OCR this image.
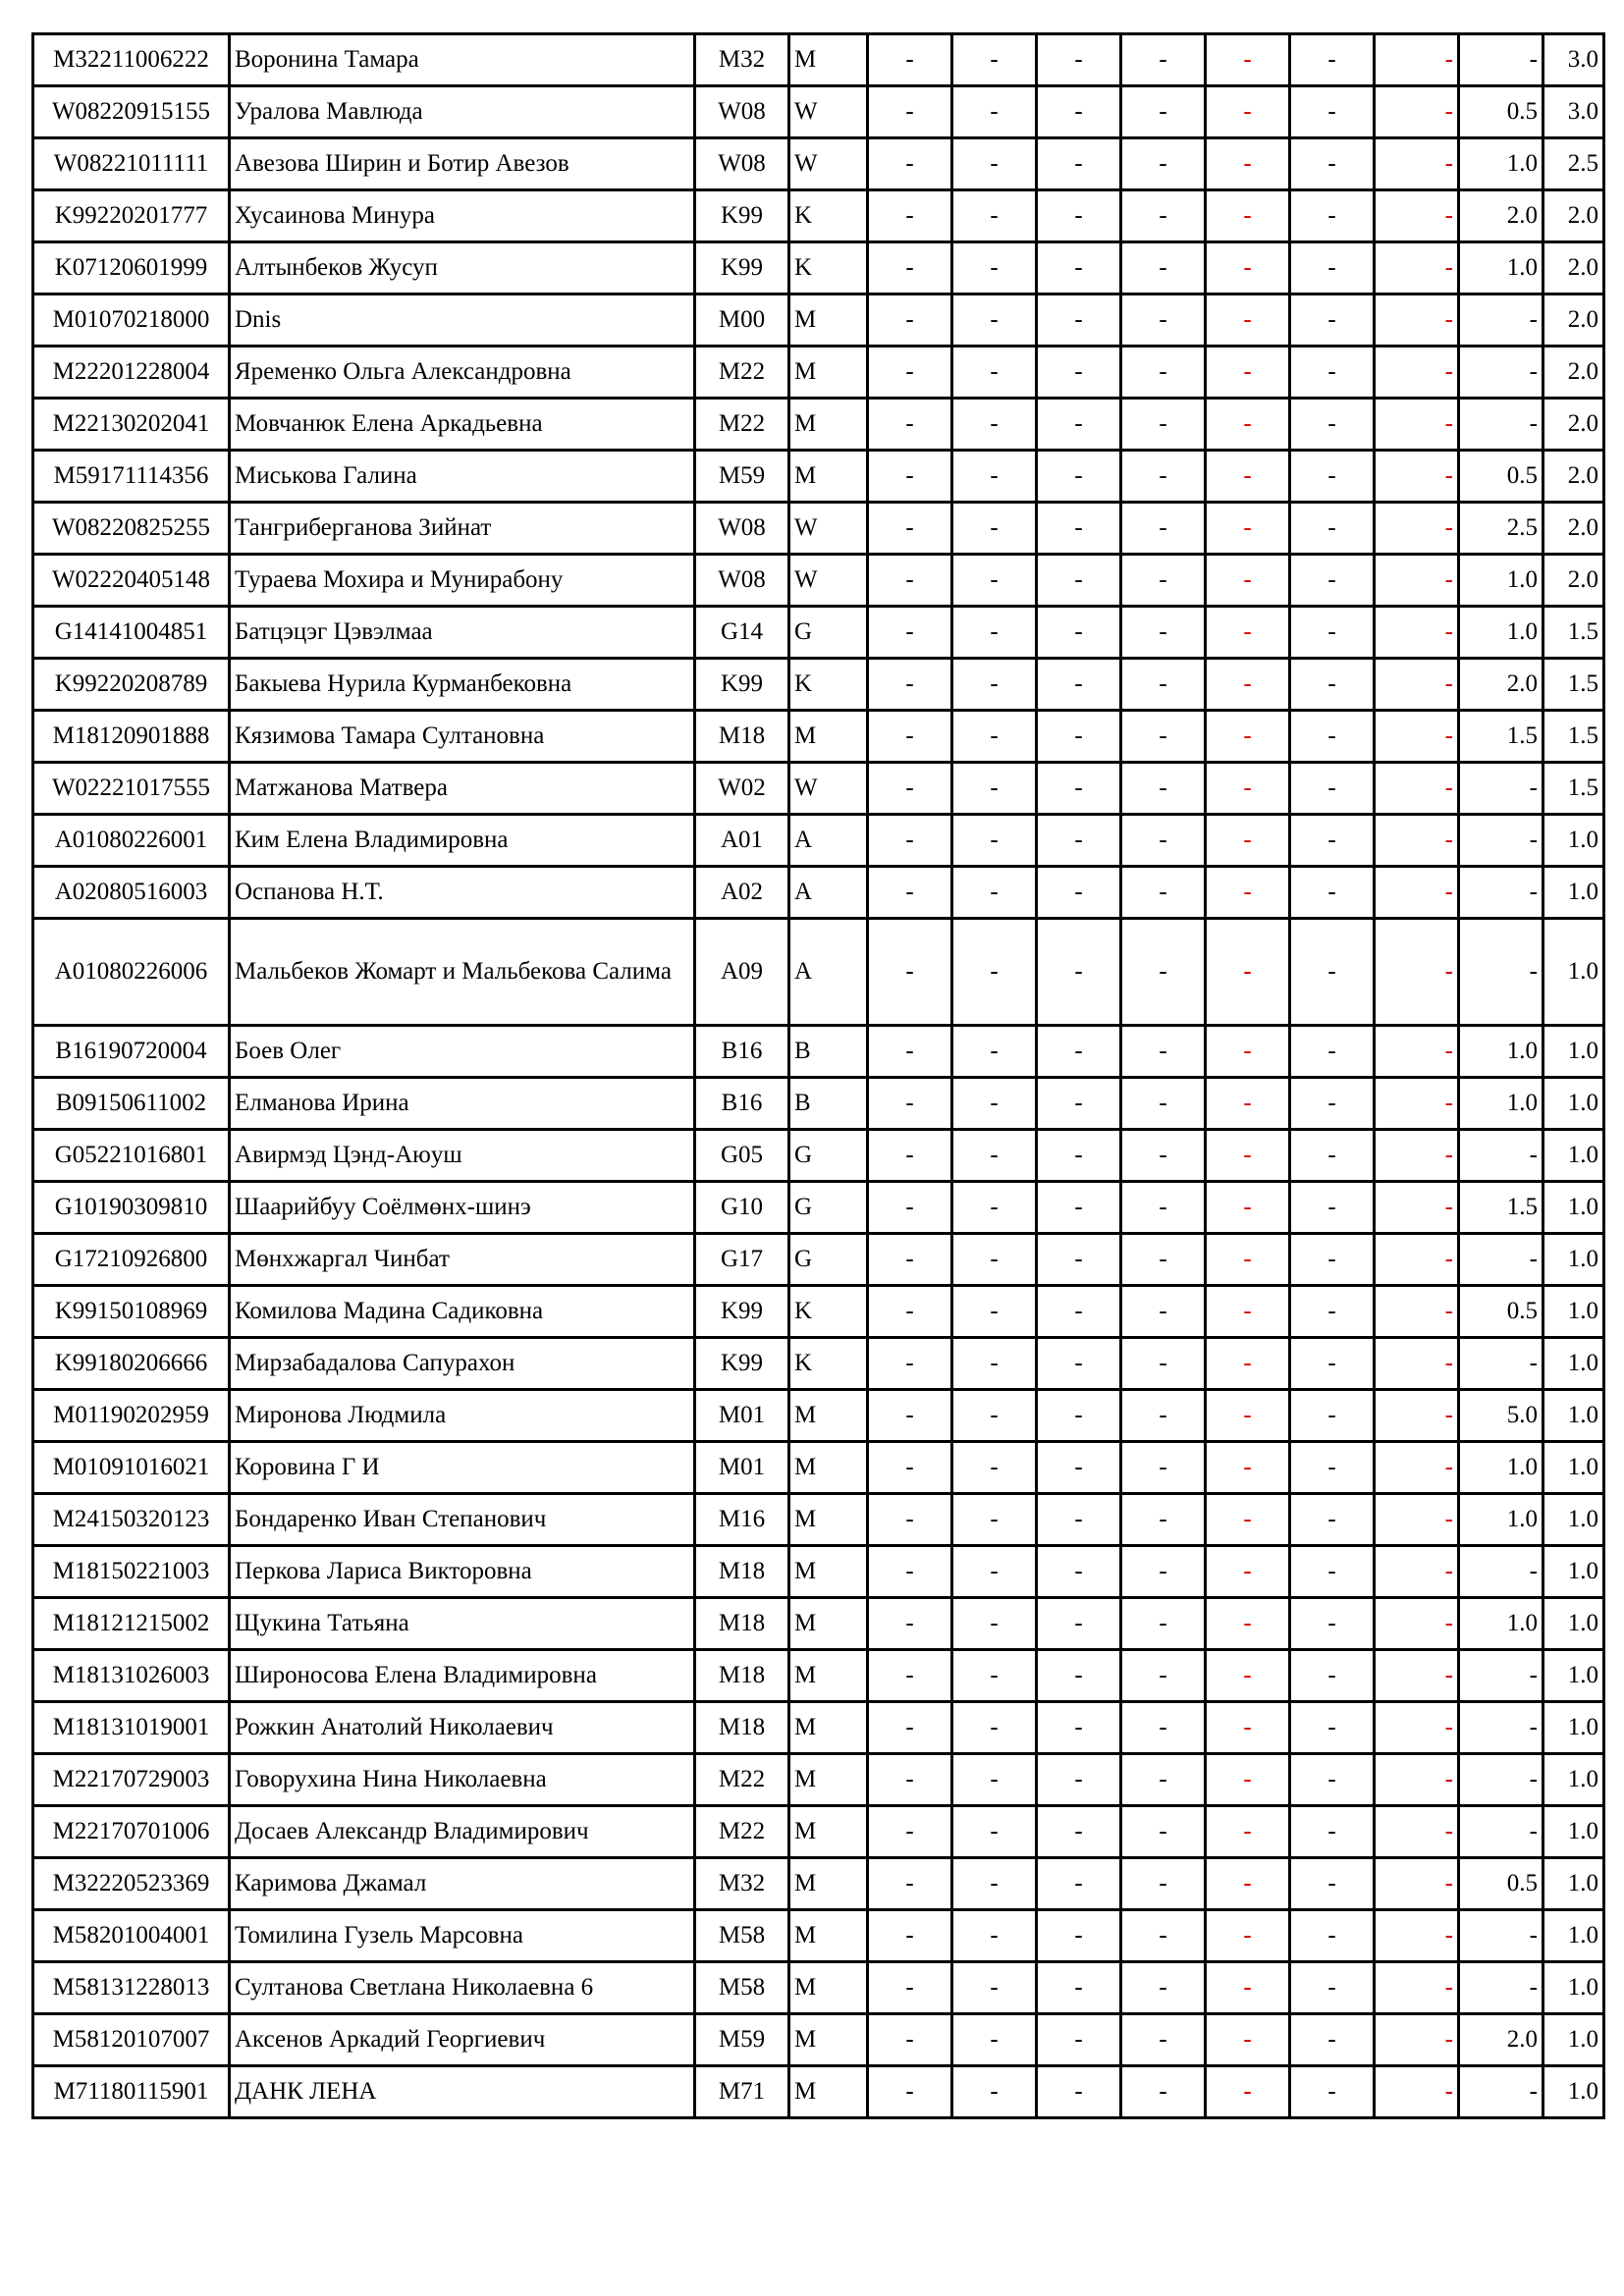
M32211006222	Воронина Тамара	M32	M	-	-	-	-	-	-	-	-	3.0
W08220915155	Уралова Мавлюда	W08	W	-	-	-	-	-	-	-	0.5	3.0
W08221011111	Авезова Ширин и Ботир Авезов	W08	W	-	-	-	-	-	-	-	1.0	2.5
K99220201777	Хусаинова Минура	K99	K	-	-	-	-	-	-	-	2.0	2.0
K07120601999	Алтынбеков Жусуп	K99	K	-	-	-	-	-	-	-	1.0	2.0
M01070218000	Dnis	M00	M	-	-	-	-	-	-	-	-	2.0
M22201228004	Яременко Ольга Александровна	M22	M	-	-	-	-	-	-	-	-	2.0
M22130202041	Мовчанюк Елена Аркадьевна	M22	M	-	-	-	-	-	-	-	-	2.0
M59171114356	Миськова Галина	M59	M	-	-	-	-	-	-	-	0.5	2.0
W08220825255	Тангриберганова Зийнат	W08	W	-	-	-	-	-	-	-	2.5	2.0
W02220405148	Тураева Мохира и Мунирабону	W08	W	-	-	-	-	-	-	-	1.0	2.0
G14141004851	Батцэцэг Цэвэлмаа	G14	G	-	-	-	-	-	-	-	1.0	1.5
K99220208789	Бакыева Нурила Курманбековна	K99	K	-	-	-	-	-	-	-	2.0	1.5
M18120901888	Кязимова Тамара Султановна	M18	M	-	-	-	-	-	-	-	1.5	1.5
W02221017555	Матжанова Матвера	W02	W	-	-	-	-	-	-	-	-	1.5
A01080226001	Ким Елена Владимировна	A01	A	-	-	-	-	-	-	-	-	1.0
A02080516003	Оспанова Н.Т.	A02	A	-	-	-	-	-	-	-	-	1.0
A01080226006	Мальбеков Жомарт и Мальбекова Салима	A09	A	-	-	-	-	-	-	-	-	1.0
B16190720004	Боев Олег	B16	B	-	-	-	-	-	-	-	1.0	1.0
B09150611002	Елманова Ирина	B16	B	-	-	-	-	-	-	-	1.0	1.0
G05221016801	Авирмэд Цэнд-Аюуш	G05	G	-	-	-	-	-	-	-	-	1.0
G10190309810	Шаарийбуу Соёлмөнх-шинэ	G10	G	-	-	-	-	-	-	-	1.5	1.0
G17210926800	Мөнхжаргал Чинбат	G17	G	-	-	-	-	-	-	-	-	1.0
K99150108969	Комилова Мадина Садиковна	K99	K	-	-	-	-	-	-	-	0.5	1.0
K99180206666	Мирзабадалова Сапурахон	K99	K	-	-	-	-	-	-	-	-	1.0
M01190202959	Миронова Людмила	M01	M	-	-	-	-	-	-	-	5.0	1.0
M01091016021	Коровина Г И	M01	M	-	-	-	-	-	-	-	1.0	1.0
M24150320123	Бондаренко Иван Степанович	M16	M	-	-	-	-	-	-	-	1.0	1.0
M18150221003	Перкова Лариса Викторовна	M18	M	-	-	-	-	-	-	-	-	1.0
M18121215002	Щукина Татьяна	M18	M	-	-	-	-	-	-	-	1.0	1.0
M18131026003	Широносова Елена Владимировна	M18	M	-	-	-	-	-	-	-	-	1.0
M18131019001	Рожкин Анатолий Николаевич	M18	M	-	-	-	-	-	-	-	-	1.0
M22170729003	Говорухина Нина Николаевна	M22	M	-	-	-	-	-	-	-	-	1.0
M22170701006	Досаев Александр Владимирович	M22	M	-	-	-	-	-	-	-	-	1.0
M32220523369	Каримова Джамал	M32	M	-	-	-	-	-	-	-	0.5	1.0
M58201004001	Томилина Гузель Марсовна	M58	M	-	-	-	-	-	-	-	-	1.0
M58131228013	Султанова Светлана Николаевна 6	M58	M	-	-	-	-	-	-	-	-	1.0
M58120107007	Аксенов Аркадий Георгиевич	M59	M	-	-	-	-	-	-	-	2.0	1.0
M71180115901	ДАНК ЛЕНА	M71	M	-	-	-	-	-	-	-	-	1.0
